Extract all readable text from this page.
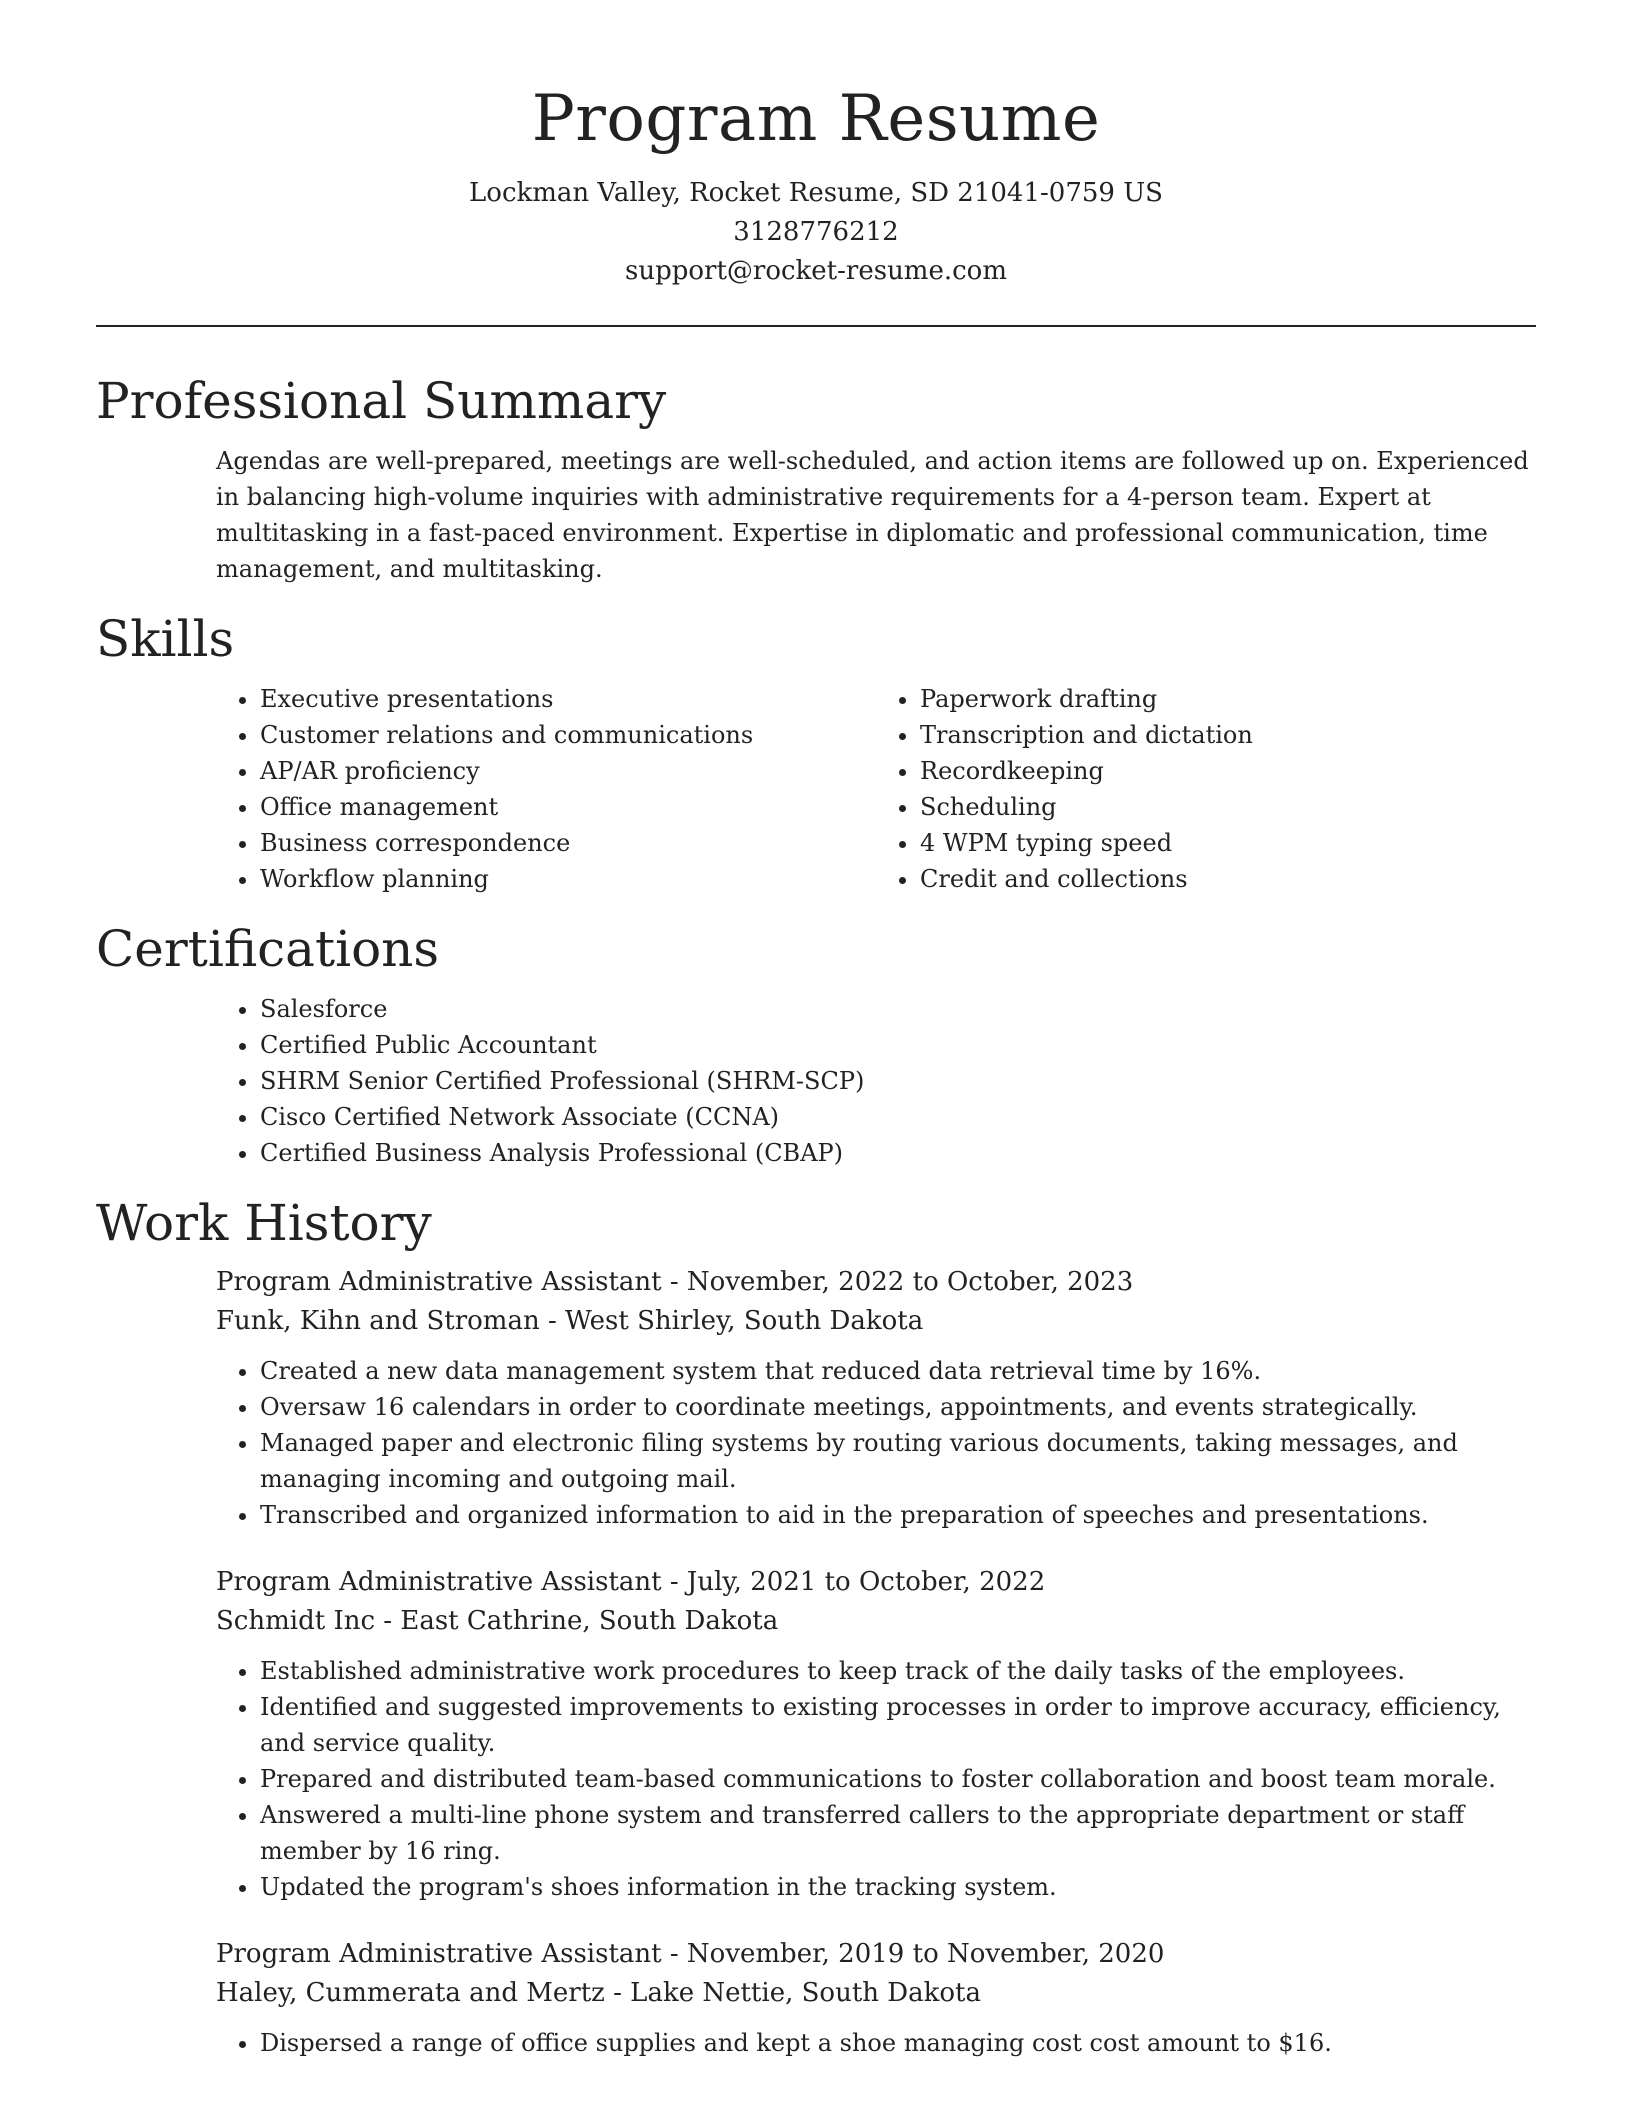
Program Resume
Lockman Valley, Rocket Resume, SD 21041-0759 US
3128776212
support@rocket-resume.com
Professional Summary

Agendas are well-prepared, meetings are well-scheduled, and action items are followed up on. Experienced in balancing high-volume inquiries with administrative requirements for a 4-person team. Expert at multitasking in a fast-paced environment. Expertise in diplomatic and professional communication, time management, and multitasking.

Skills
• Executive presentations
• Customer relations and communications
• AP/AR proficiency
• Office management
• Business correspondence
• Workflow planning
• Paperwork drafting
• Transcription and dictation
• Recordkeeping
• Scheduling
• 4 WPM typing speed
• Credit and collections
Certifications
• Salesforce
• Certified Public Accountant
• SHRM Senior Certified Professional (SHRM-SCP)
• Cisco Certified Network Associate (CCNA)
• Certified Business Analysis Professional (CBAP)
Work History
Program Administrative Assistant - November, 2022 to October, 2023
Funk, Kihn and Stroman - West Shirley, South Dakota
• Created a new data management system that reduced data retrieval time by 16%.
• Oversaw 16 calendars in order to coordinate meetings, appointments, and events strategically.
• Managed paper and electronic filing systems by routing various documents, taking messages, and managing incoming and outgoing mail.
• Transcribed and organized information to aid in the preparation of speeches and presentations.
Program Administrative Assistant - July, 2021 to October, 2022
Schmidt Inc - East Cathrine, South Dakota
• Established administrative work procedures to keep track of the daily tasks of the employees.
• Identified and suggested improvements to existing processes in order to improve accuracy, efficiency, and service quality.
• Prepared and distributed team-based communications to foster collaboration and boost team morale.
• Answered a multi-line phone system and transferred callers to the appropriate department or staff member by 16 ring.
• Updated the program's shoes information in the tracking system.
Program Administrative Assistant - November, 2019 to November, 2020
Haley, Cummerata and Mertz - Lake Nettie, South Dakota
• Dispersed a range of office supplies and kept a shoe managing cost cost amount to $16.
